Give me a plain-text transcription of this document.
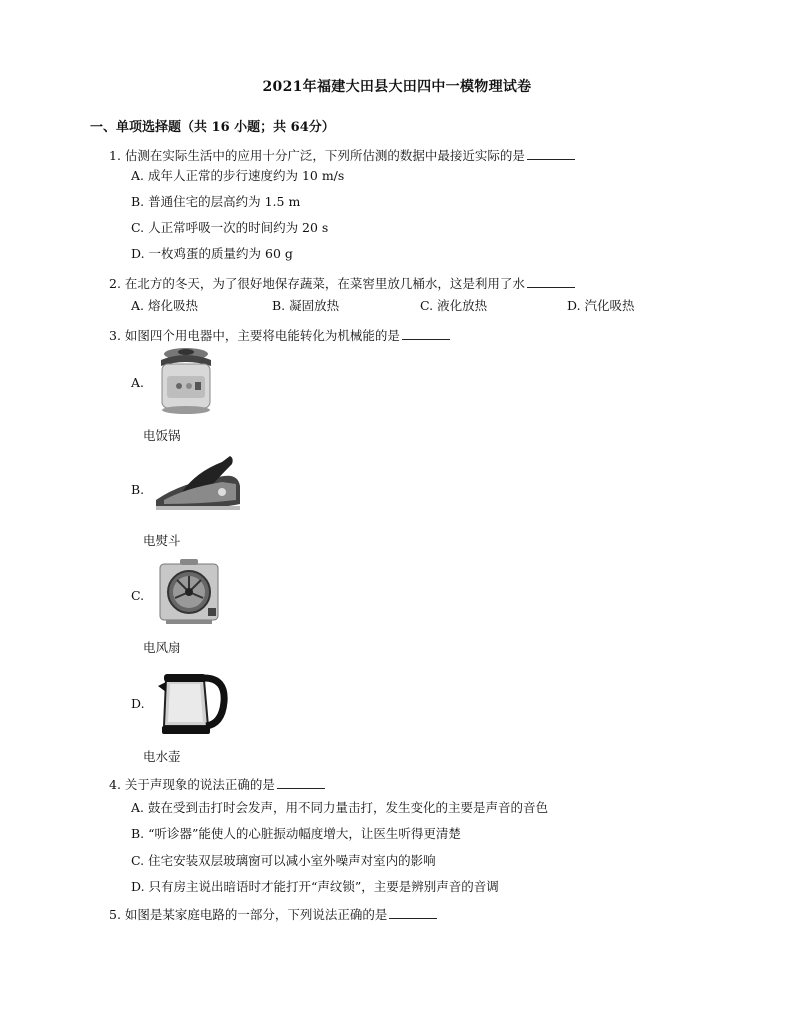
2021年福建大田县大田四中一模物理试卷
一、单项选择题（共 16 小题；共 64分）
1. 估测在实际生活中的应用十分广泛，下列所估测的数据中最接近实际的是
A. 成年人正常的步行速度约为 10 m/s
B. 普通住宅的层高约为 1.5 m
C. 人正常呼吸一次的时间约为 20 s
D. 一枚鸡蛋的质量约为 60 g
2. 在北方的冬天，为了很好地保存蔬菜，在菜窖里放几桶水，这是利用了水
A. 熔化吸热	B. 凝固放热	C. 液化放热	D. 汽化吸热
3. 如图四个用电器中，主要将电能转化为机械能的是
A.
电饭锅
B.
电熨斗
C.
电风扇
D.
电水壶
4. 关于声现象的说法正确的是
A. 鼓在受到击打时会发声，用不同力量击打，发生变化的主要是声音的音色
B. “听诊器”能使人的心脏振动幅度增大，让医生听得更清楚
C. 住宅安装双层玻璃窗可以减小室外噪声对室内的影响
D. 只有房主说出暗语时才能打开“声纹锁”，主要是辨别声音的音调
5. 如图是某家庭电路的一部分，下列说法正确的是
